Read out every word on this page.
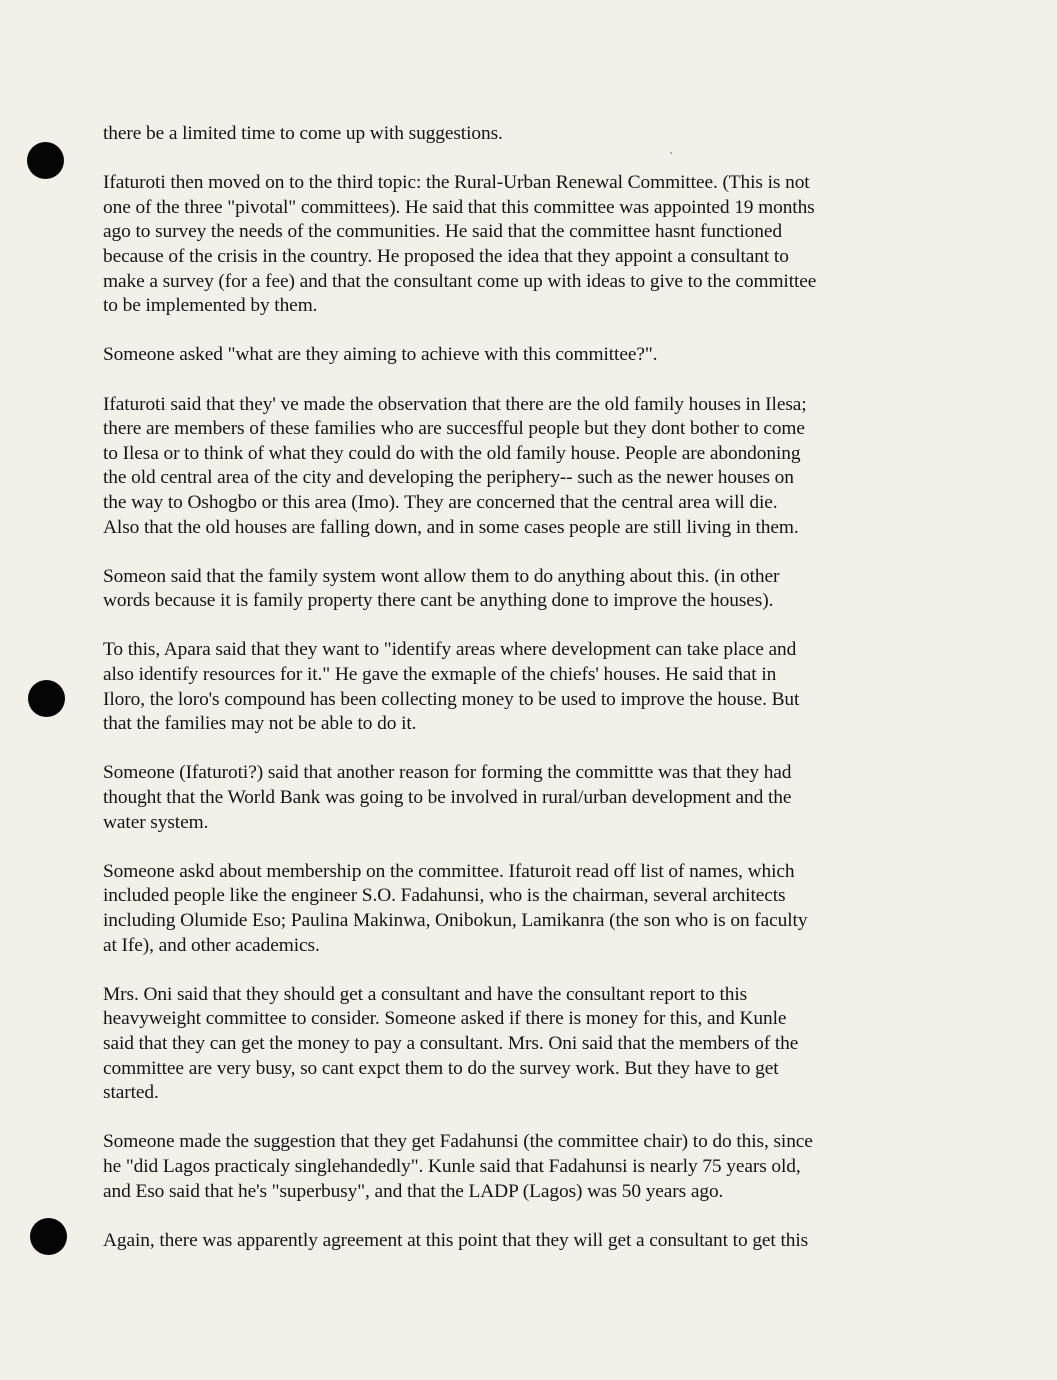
there be a limited time to come up with suggestions.

Ifaturoti then moved on to the third topic: the Rural-Urban Renewal Committee. (This is not
one of the three "pivotal" committees). He said that this committee was appointed 19 months
ago to survey the needs of the communities. He said that the committee hasnt functioned
because of the crisis in the country. He proposed the idea that they appoint a consultant to
make a survey (for a fee) and that the consultant come up with ideas to give to the committee
to be implemented by them.

Someone asked "what are they aiming to achieve with this committee?".

Ifaturoti said that they' ve made the observation that there are the old family houses in Ilesa;
there are members of these families who are succesfful people but they dont bother to come
to Ilesa or to think of what they could do with the old family house. People are abondoning
the old central area of the city and developing the periphery-- such as the newer houses on
the way to Oshogbo or this area (Imo). They are concerned that the central area will die.
Also that the old houses are falling down, and in some cases people are still living in them.

Someon said that the family system wont allow them to do anything about this. (in other
words because it is family property there cant be anything done to improve the houses).

To this, Apara said that they want to "identify areas where development can take place and
also identify resources for it." He gave the exmaple of the chiefs' houses. He said that in
Iloro, the loro's compound has been collecting money to be used to improve the house. But
that the families may not be able to do it.

Someone (Ifaturoti?) said that another reason for forming the committte was that they had
thought that the World Bank was going to be involved in rural/urban development and the
water system.

Someone askd about membership on the committee. Ifaturoit read off list of names, which
included people like the engineer S.O. Fadahunsi, who is the chairman, several architects
including Olumide Eso; Paulina Makinwa, Onibokun, Lamikanra (the son who is on faculty
at Ife), and other academics.

Mrs. Oni said that they should get a consultant and have the consultant report to this
heavyweight committee to consider. Someone asked if there is money for this, and Kunle
said that they can get the money to pay a consultant. Mrs. Oni said that the members of the
committee are very busy, so cant expct them to do the survey work. But they have to get
started.

Someone made the suggestion that they get Fadahunsi (the committee chair) to do this, since
he "did Lagos practicaly singlehandedly". Kunle said that Fadahunsi is nearly 75 years old,
and Eso said that he's "superbusy", and that the LADP (Lagos) was 50 years ago.

Again, there was apparently agreement at this point that they will get a consultant to get this
